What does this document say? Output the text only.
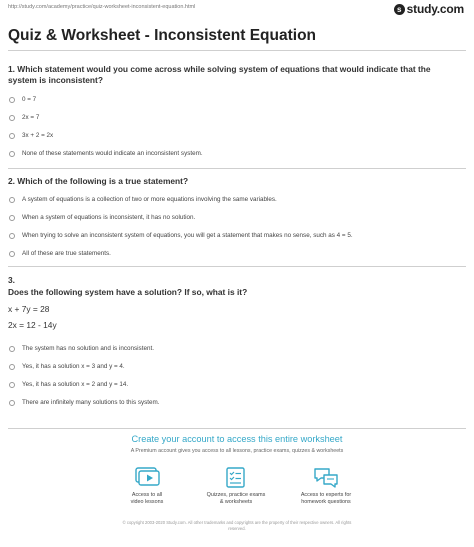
http://study.com/academy/practice/quiz-worksheet-inconsistent-equation.html	s study.com
Quiz & Worksheet - Inconsistent Equation
1. Which statement would you come across while solving system of equations that would indicate that the system is inconsistent?
0 = 7
2x = 7
3x + 2 = 2x
None of these statements would indicate an inconsistent system.
2. Which of the following is a true statement?
A system of equations is a collection of two or more equations involving the same variables.
When a system of equations is inconsistent, it has no solution.
When trying to solve an inconsistent system of equations, you will get a statement that makes no sense, such as 4 = 5.
All of these are true statements.
3.
Does the following system have a solution? If so, what is it?
x + 7y = 28
2x = 12 - 14y
The system has no solution and is inconsistent.
Yes, it has a solution x = 3 and y = 4.
Yes, it has a solution x = 2 and y = 14.
There are infinitely many solutions to this system.
Create your account to access this entire worksheet
A Premium account gives you access to all lessons, practice exams, quizzes & worksheets
Access to all
video lessons
Quizzes, practice exams
& worksheets
Access to experts for
homework questions
© copyright 2003-2020 Study.com. All other trademarks and copyrights are the property of their respective owners. All rights
reserved.
